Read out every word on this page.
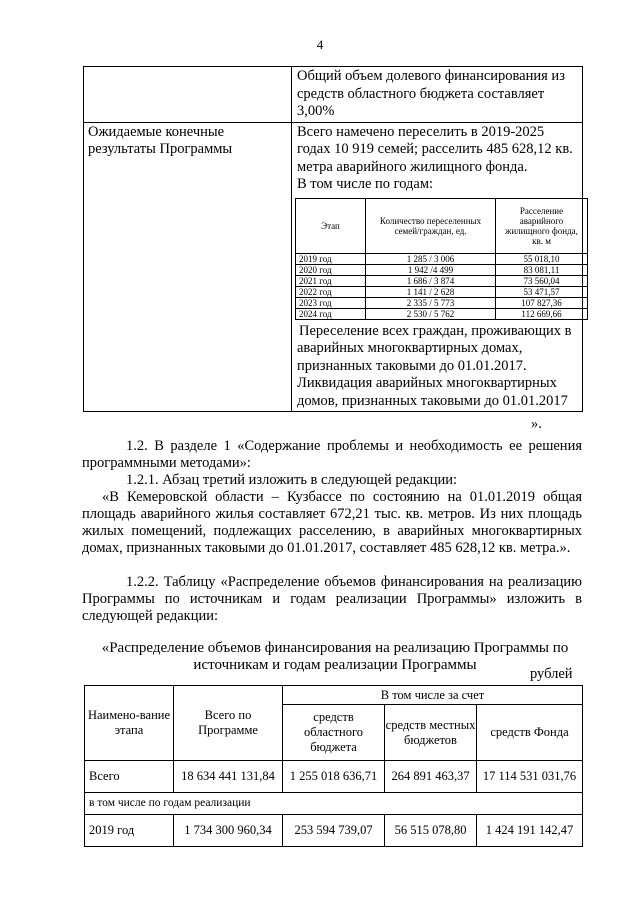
4

Общий объем долевого финансирования из средств областного бюджета составляет 3,00%

Ожидаемые конечные результаты Программы	

Всего намечено переселить в 2019-2025 годах 10 919 семей; расселить 485 628,12 кв. метра аварийного жилищного фонда.

В том числе по годам:

Этап	Количество переселенных семей/граждан, ед.	Расселение аварийного жилищного фонда, кв. м
2019 год	1 285 / 3 006	55 018,10
2020 год	1 942 /4 499	83 081,11
2021 год	1 686 / 3 874	73 560,04
2022 год	1 141 / 2 628	53 471,57
2023 год	2 335 / 5 773	107 827,36
2024 год	2 530 / 5 762	112 669,66

Переселение всех граждан, проживающих в аварийных многоквартирных домах, признанных таковыми до 01.01.2017. Ликвидация аварийных многоквартирных домов, признанных таковыми до 01.01.2017

».
1.2. В разделе 1 «Содержание проблемы и необходимость ее решения программными методами»:
1.2.1. Абзац третий изложить в следующей редакции:
«В Кемеровской области – Кузбассе по состоянию на 01.01.2019 общая площадь аварийного жилья составляет 672,21 тыс. кв. метров. Из них площадь жилых помещений, подлежащих расселению, в аварийных многоквартирных домах, признанных таковыми до 01.01.2017, составляет 485 628,12 кв. метра.».
1.2.2. Таблицу «Распределение объемов финансирования на реализацию Программы по источникам и годам реализации Программы» изложить в следующей редакции:
«Распределение объемов финансирования на реализацию Программы по источникам и годам реализации Программы
рублей
Наимено-вание этапа	Всего по Программе	В том числе за счет		
		средств областного бюджета	средств местных бюджетов	средств Фонда
Всего	18 634 441 131,84	1 255 018 636,71	264 891 463,37	17 114 531 031,76
в том числе по годам реализации				
2019 год	1 734 300 960,34	253 594 739,07	56 515 078,80	1 424 191 142,47
